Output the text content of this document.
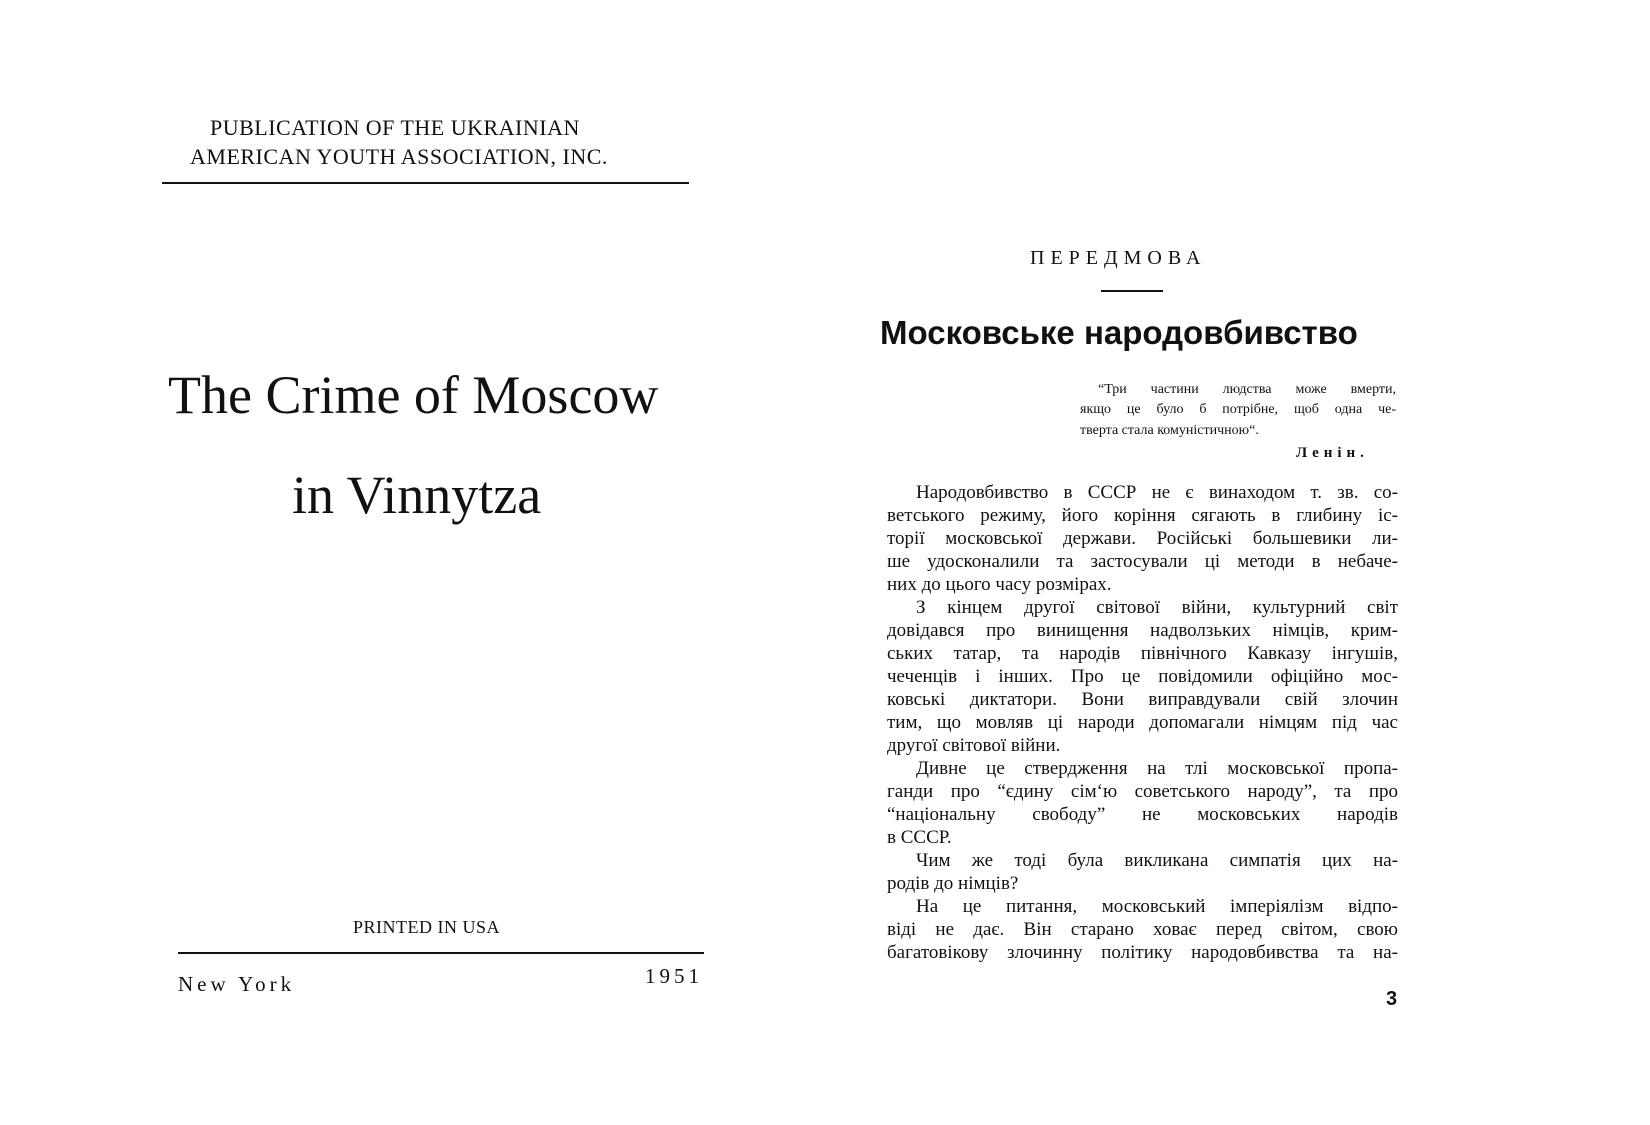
PUBLICATION OF THE UKRAINIAN
AMERICAN YOUTH ASSOCIATION, INC.
The Crime of Moscow
in Vinnytza
PRINTED IN USA
New York	1951
ПЕРЕДМОВА
Московське народовбивство
“Три частини людства може вмерти,
якщо це було б потрібне, щоб одна че-
тверта стала комуністичною“.
Ленін.
Народовбивство в СССР не є винаходом т. зв. со-
ветського режиму, його коріння сягають в глибину іс-
торії московської держави. Російські большевики ли-
ше удосконалили та застосували ці методи в небаче-
них до цього часу розмірах.
З кінцем другої світової війни, культурний світ
довідався про винищення надволзьких німців, крим-
ських татар, та народів північного Кавказу інгушів,
чеченців і інших. Про це повідомили офіційно мос-
ковські диктатори. Вони виправдували свій злочин
тим, що мовляв ці народи допомагали німцям під час
другої світової війни.
Дивне це ствердження на тлі московської пропа-
ганди про “єдину сім‘ю советського народу”, та про
“національну свободу” не московських народів
в СССР.
Чим же тоді була викликана симпатія цих на-
родів до німців?
На це питання, московський імперіялізм відпо-
віді не дає. Він старано ховає перед світом, свою
багатовікову злочинну політику народовбивства та на-
3
